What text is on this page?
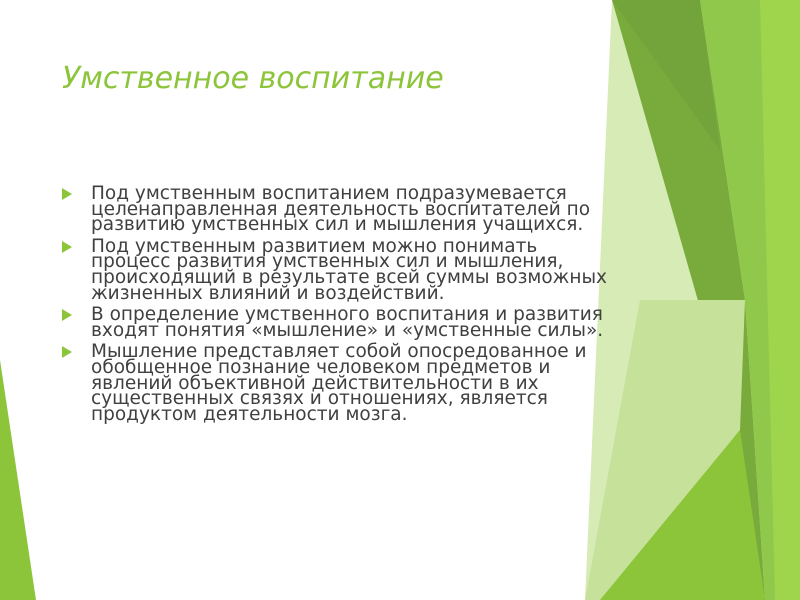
Умственное воспитание
Под умственным воспитанием подразумевается целенаправленная деятельность воспитателей по развитию умственных сил и мышления учащихся.
Под умственным развитием можно понимать процесс развития умственных сил и мышления, происходящий в результате всей суммы возможных жизненных влияний и воздействий.
В определение умственного воспитания и развития входят понятия «мышление» и «умственные силы».
Мышление представляет собой опосредованное и обобщенное познание человеком предметов и явлений объективной действительности в их существенных связях и отношениях, является продуктом деятельности мозга.
